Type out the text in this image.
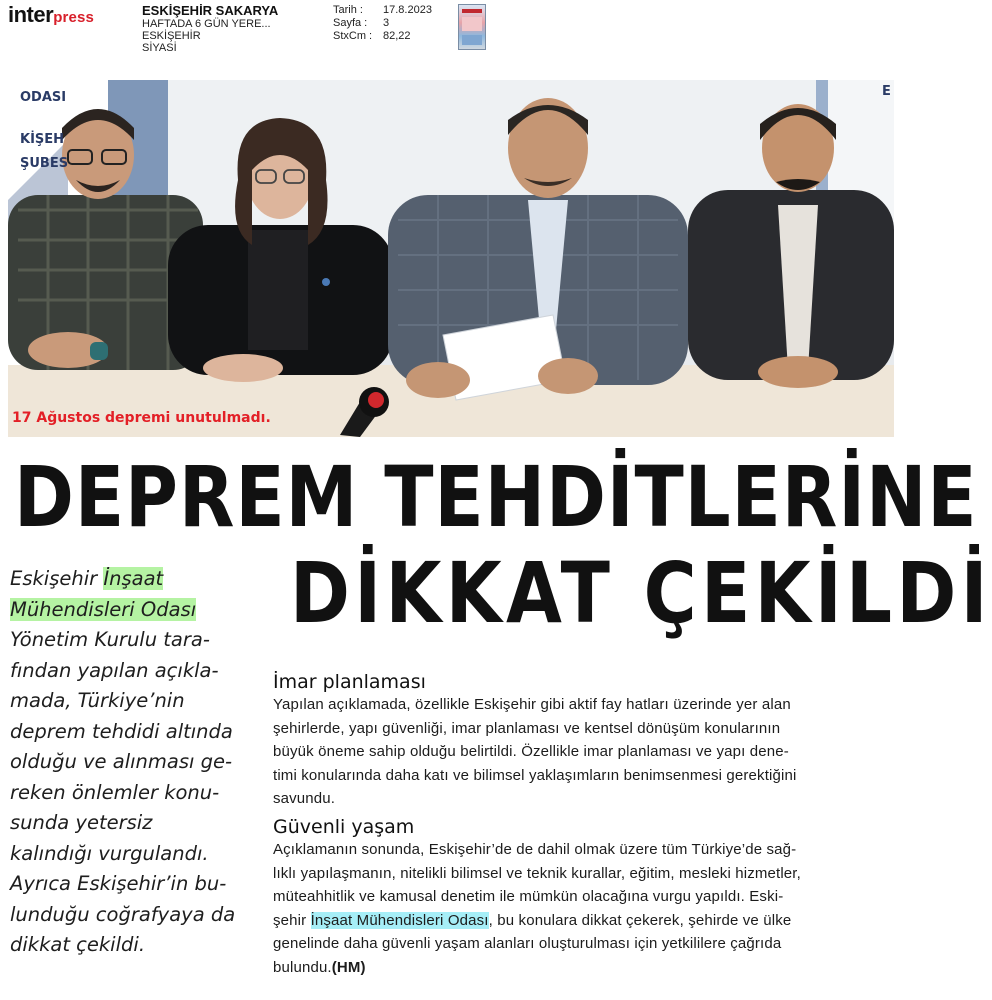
interpress	ESKİŞEHİR SAKARYA
HAFTADA 6 GÜN YERE...
ESKİŞEHİR
SİYASİ
Tarih :	17.8.2023
Sayfa :	3
StxCm : 82,22
ODASI
KİŞEH
ŞUBES
E
17 Ağustos depremi unutulmadı.
DEPREM TEHDİTLERİNE
DİKKAT ÇEKİLDİ
Eskişehir İnşaat
Mühendisleri Odası
Yönetim Kurulu tara-
fından yapılan açıkla-
mada, Türkiye’nin
deprem tehdidi altında
olduğu ve alınması ge-
reken önlemler konu-
sunda yetersiz
kalındığı vurgulandı.
Ayrıca Eskişehir’in bu-
lunduğu coğrafyaya da
dikkat çekildi.
İmar planlaması
Yapılan açıklamada, özellikle Eskişehir gibi aktif fay hatları üzerinde yer alan
şehirlerde, yapı güvenliği, imar planlaması ve kentsel dönüşüm konularının
büyük öneme sahip olduğu belirtildi. Özellikle imar planlaması ve yapı dene-
timi konularında daha katı ve bilimsel yaklaşımların benimsenmesi gerektiğini
savundu.
Güvenli yaşam
Açıklamanın sonunda, Eskişehir’de de dahil olmak üzere tüm Türkiye’de sağ-
lıklı yapılaşmanın, nitelikli bilimsel ve teknik kurallar, eğitim, mesleki hizmetler,
müteahhitlik ve kamusal denetim ile mümkün olacağına vurgu yapıldı. Eski-
şehir İnşaat Mühendisleri Odası, bu konulara dikkat çekerek, şehirde ve ülke
genelinde daha güvenli yaşam alanları oluşturulması için yetkililere çağrıda
bulundu.(HM)
